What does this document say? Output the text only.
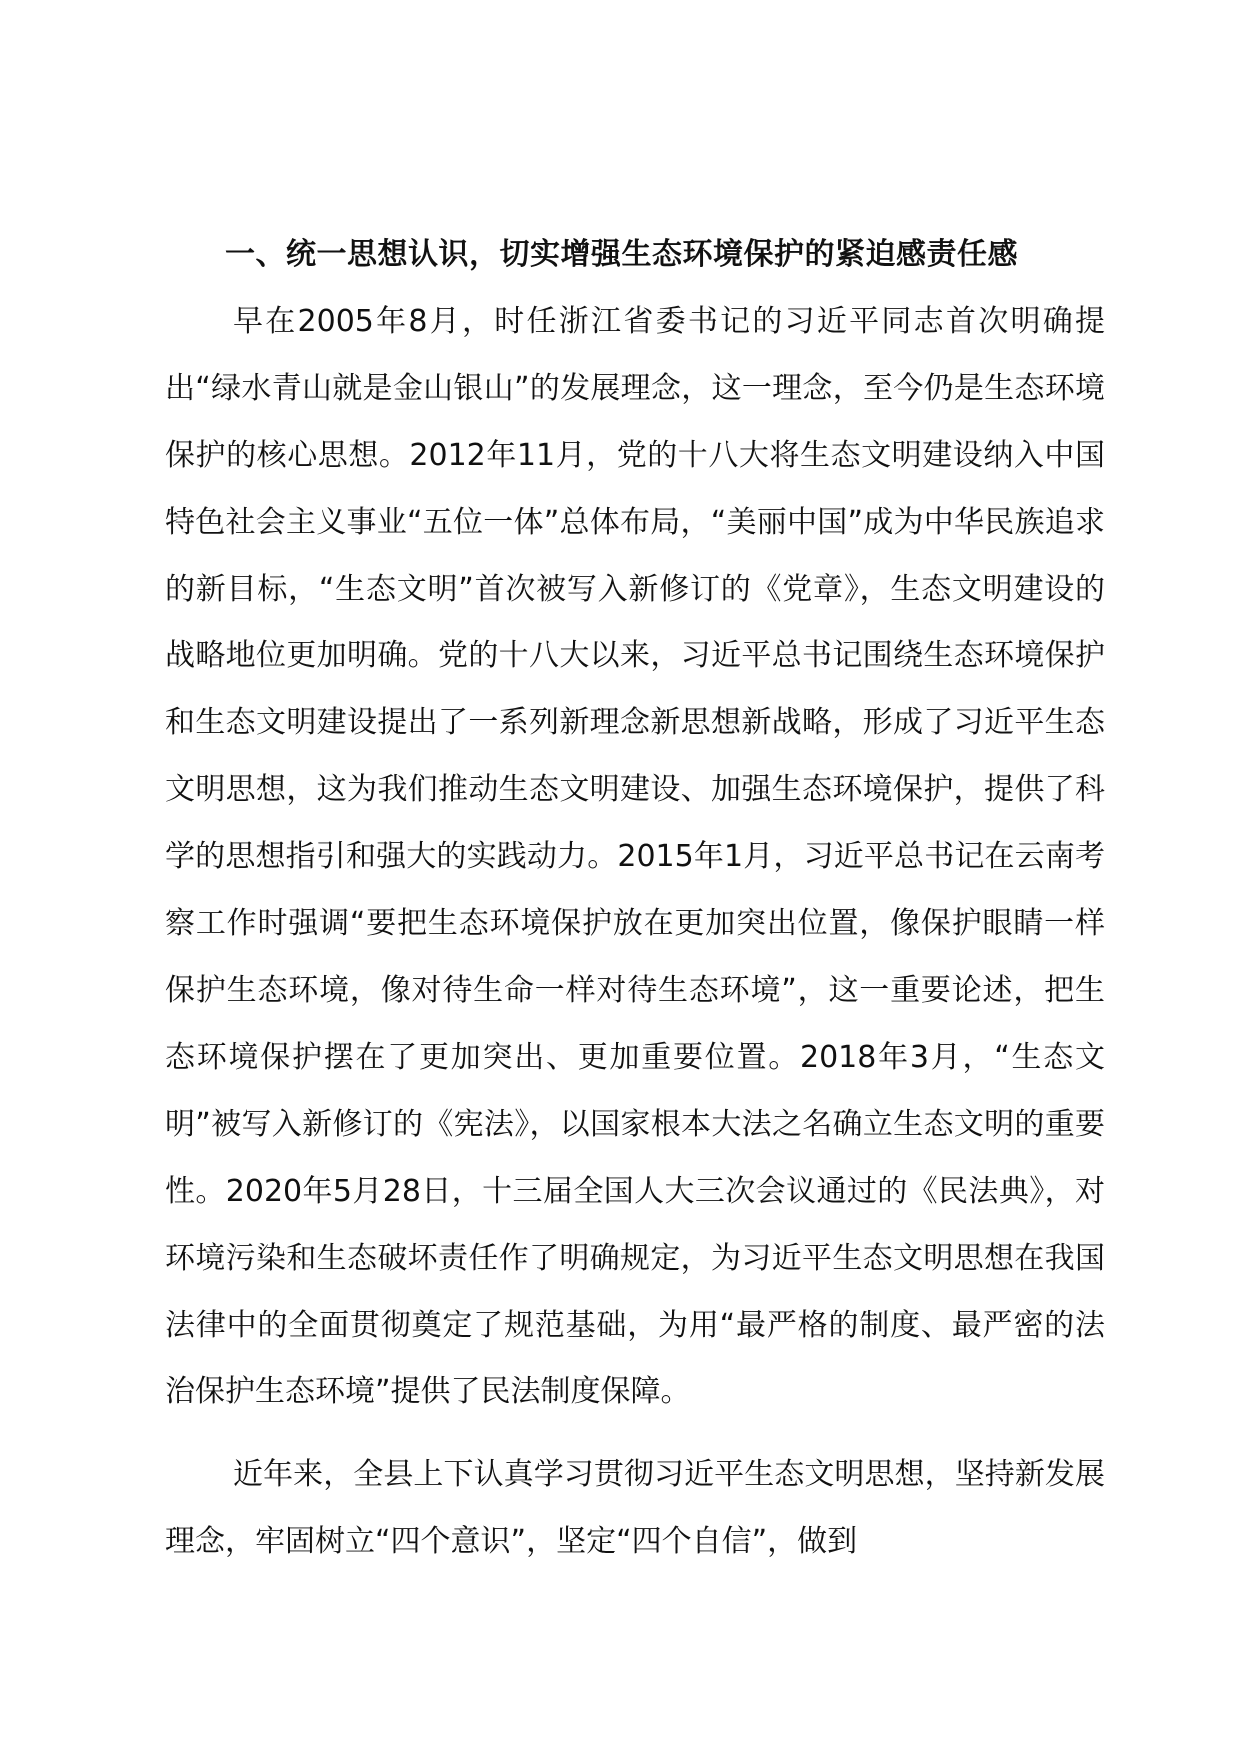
一、统一思想认识，切实增强生态环境保护的紧迫感责任感

早在2005年8月，时任浙江省委书记的习近平同志首次明确提出“绿水青山就是金山银山”的发展理念，这一理念，至今仍是生态环境保护的核心思想。2012年11月，党的十八大将生态文明建设纳入中国特色社会主义事业“五位一体”总体布局，“美丽中国”成为中华民族追求的新目标，“生态文明”首次被写入新修订的《党章》，生态文明建设的战略地位更加明确。党的十八大以来，习近平总书记围绕生态环境保护和生态文明建设提出了一系列新理念新思想新战略，形成了习近平生态文明思想，这为我们推动生态文明建设、加强生态环境保护，提供了科学的思想指引和强大的实践动力。2015年1月，习近平总书记在云南考察工作时强调“要把生态环境保护放在更加突出位置，像保护眼睛一样保护生态环境，像对待生命一样对待生态环境”，这一重要论述，把生态环境保护摆在了更加突出、更加重要位置。2018年3月，“生态文明”被写入新修订的《宪法》，以国家根本大法之名确立生态文明的重要性。2020年5月28日，十三届全国人大三次会议通过的《民法典》，对环境污染和生态破坏责任作了明确规定，为习近平生态文明思想在我国法律中的全面贯彻奠定了规范基础，为用“最严格的制度、最严密的法治保护生态环境”提供了民法制度保障。

近年来，全县上下认真学习贯彻习近平生态文明思想，坚持新发展理念，牢固树立“四个意识”，坚定“四个自信”，做到
